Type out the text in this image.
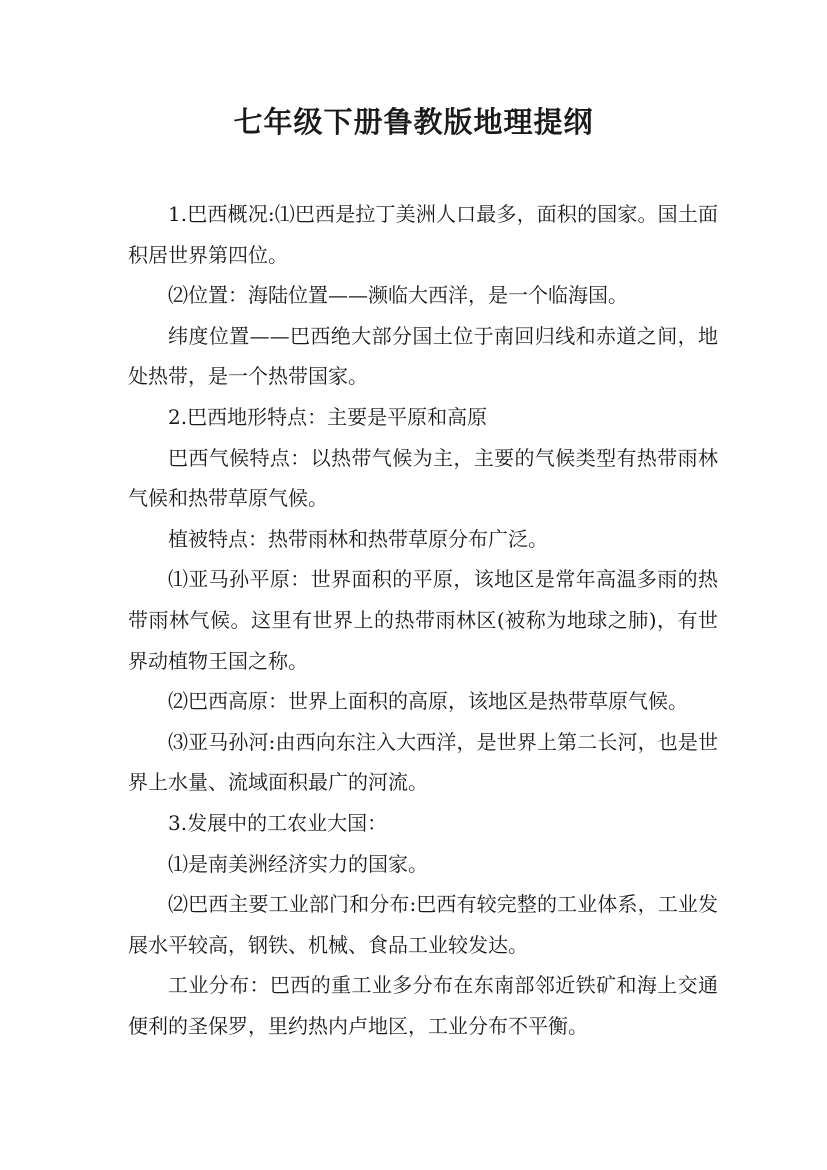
七年级下册鲁教版地理提纲

1.巴西概况:⑴巴西是拉丁美洲人口最多，面积的国家。国土面积居世界第四位。

⑵位置：海陆位置——濒临大西洋，是一个临海国。

纬度位置——巴西绝大部分国土位于南回归线和赤道之间，地处热带，是一个热带国家。

2.巴西地形特点：主要是平原和高原

巴西气候特点：以热带气候为主，主要的气候类型有热带雨林气候和热带草原气候。

植被特点：热带雨林和热带草原分布广泛。

⑴亚马孙平原：世界面积的平原，该地区是常年高温多雨的热带雨林气候。这里有世界上的热带雨林区(被称为地球之肺)，有世界动植物王国之称。

⑵巴西高原：世界上面积的高原，该地区是热带草原气候。

⑶亚马孙河:由西向东注入大西洋，是世界上第二长河，也是世界上水量、流域面积最广的河流。

3.发展中的工农业大国：

⑴是南美洲经济实力的国家。

⑵巴西主要工业部门和分布:巴西有较完整的工业体系，工业发展水平较高，钢铁、机械、食品工业较发达。

工业分布：巴西的重工业多分布在东南部邻近铁矿和海上交通便利的圣保罗，里约热内卢地区，工业分布不平衡。
